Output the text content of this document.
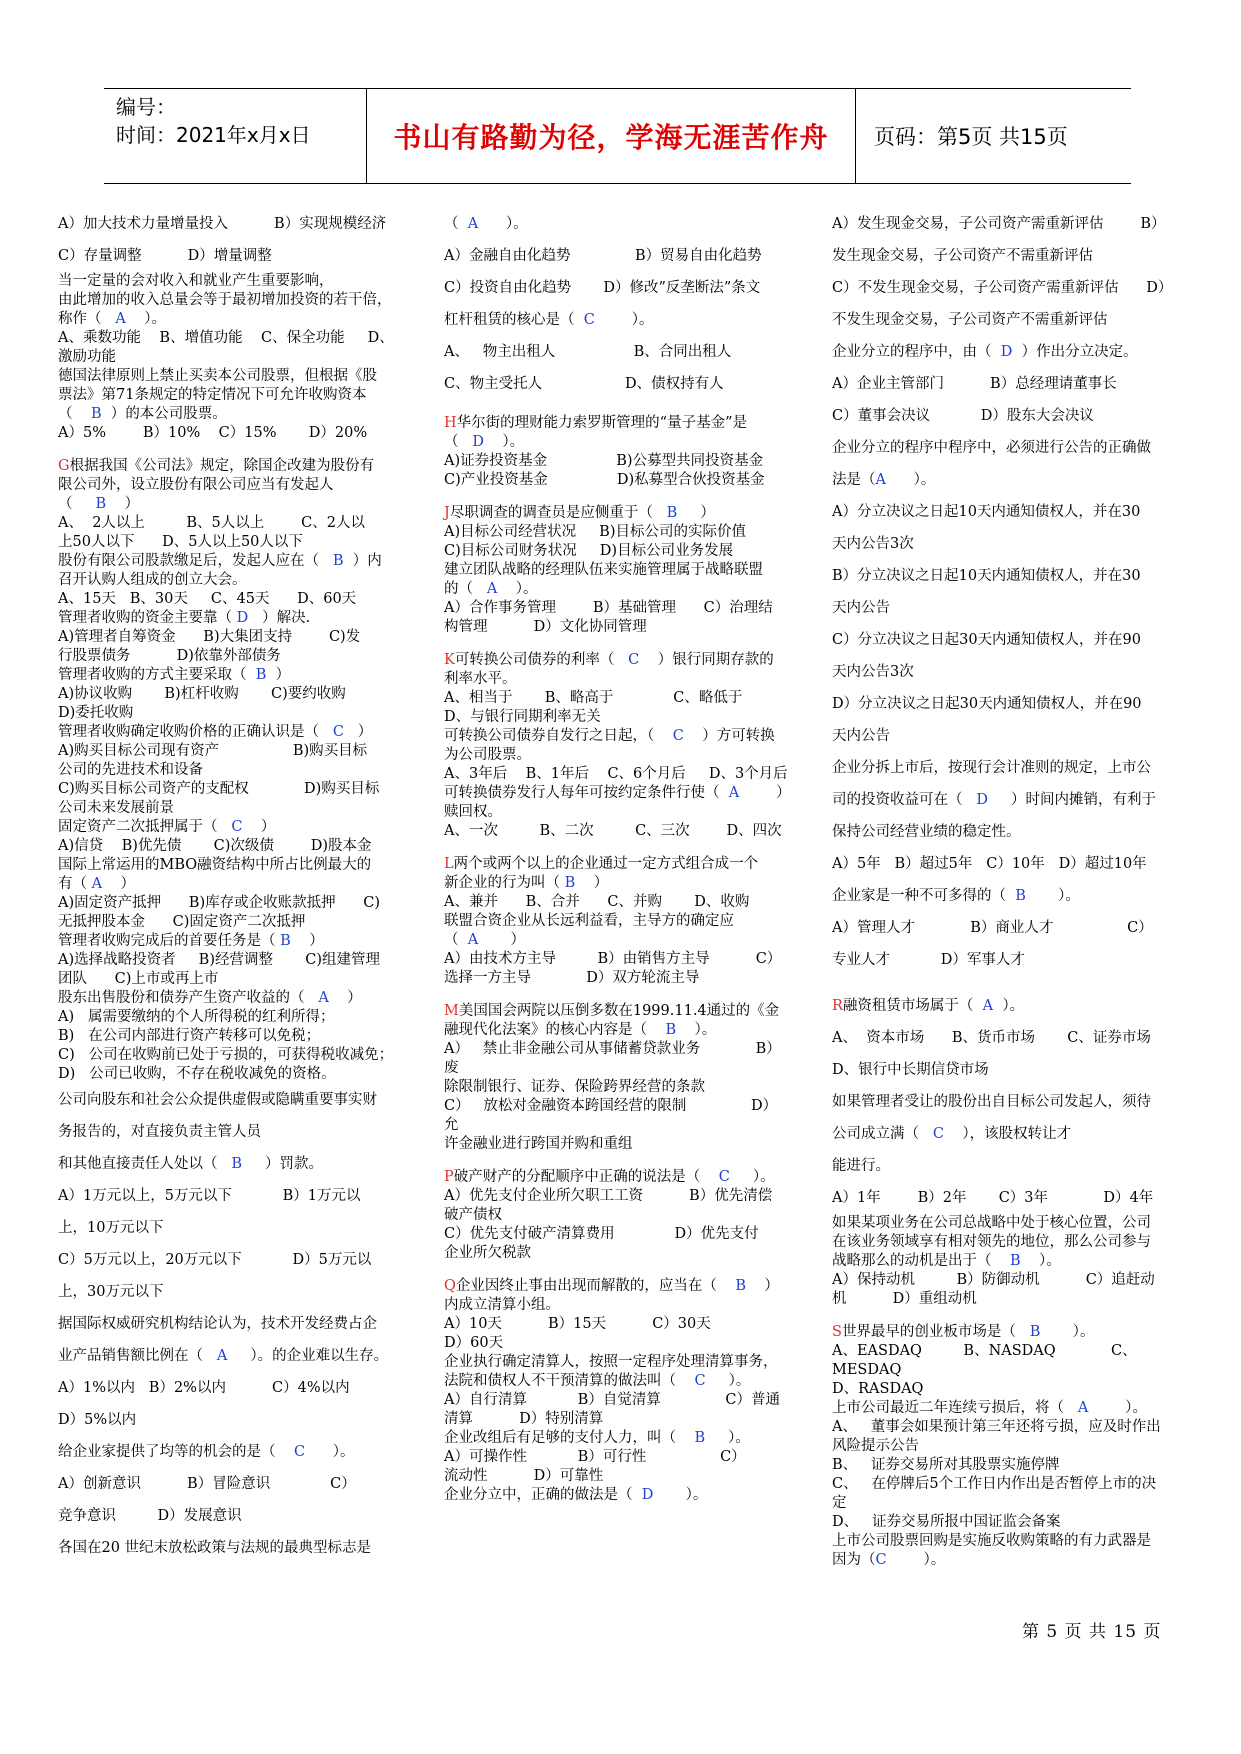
编号：
时间：2021年x月x日	书山有路勤为径，学海无涯苦作舟	页码：第5页 共15页
A）加大技术力量增量投入          B）实现规模经济
C）存量调整          D）增量调整
当一定量的会对收入和就业产生重要影响，
由此增加的收入总量会等于最初增加投资的若干倍，
称作（   A    ）。
A、乘数功能    B、增值功能    C、保全功能     D、
激励功能
德国法律原则上禁止买卖本公司股票，但根据《股
票法》第71条规定的特定情况下可允许收购资本
（    B  ）的本公司股票。
A）5%        B）10%    C）15%       D）20%
G根据我国《公司法》规定，除国企改建为股份有
限公司外，设立股份有限公司应当有发起人
（     B    ）
A、  2人以上         B、5人以上        C、2人以
上50人以下      D、5人以上50人以下
股份有限公司股款缴足后，发起人应在（   B  ）内
召开认购人组成的创立大会。
A、15天   B、30天     C、45天      D、60天
管理者收购的资金主要靠（ D   ）解决.
A)管理者自筹资金      B)大集团支持        C)发
行股票债务          D)依靠外部债务
管理者收购的方式主要采取（  B  ）
A)协议收购       B)杠杆收购       C)要约收购
D)委托收购
管理者收购确定收购价格的正确认识是（   C   ）
A)购买目标公司现有资产                B)购买目标
公司的先进技术和设备
C)购买目标公司资产的支配权            D)购买目标
公司未来发展前景
固定资产二次抵押属于（   C    ）
A)信贷    B)优先债       C)次级债        D)股本金
国际上常运用的MBO融资结构中所占比例最大的
有（ A    ）
A)固定资产抵押      B)库存或企收账款抵押      C)
无抵押股本金      C)固定资产二次抵押
管理者收购完成后的首要任务是（ B    ）
A)选择战略投资者     B)经营调整       C)组建管理
团队      C)上市或再上市
股东出售股份和债券产生资产收益的（   A    ）
A)   属需要缴纳的个人所得税的红利所得；
B)   在公司内部进行资产转移可以免税；
C)   公司在收购前已处于亏损的，可获得税收减免；
D)   公司已收购，不存在税收减免的资格。
公司向股东和社会公众提供虚假或隐瞒重要事实财
务报告的，对直接负责主管人员
和其他直接责任人处以（   B     ）罚款。
A）1万元以上，5万元以下           B）1万元以
上，10万元以下
C）5万元以上，20万元以下           D）5万元以
上，30万元以下
据国际权威研究机构结论认为，技术开发经费占企
业产品销售额比例在（   A     ）。的企业难以生存。
A）1%以内   B）2%以内          C）4%以内
D）5%以内
给企业家提供了均等的机会的是（    C      ）。
A）创新意识          B）冒险意识             C）
竞争意识         D）发展意识
各国在20 世纪末放松政策与法规的最典型标志是
（  A      ）。
A）金融自由化趋势              B）贸易自由化趋势
C）投资自由化趋势       D）修改”反垄断法”条文
杠杆租赁的核心是（  C        ）。
A、   物主出租人                 B、合同出租人
C、物主受托人                  D、债权持有人
H华尔街的理财能力索罗斯管理的“量子基金”是
（   D    ）。
A)证券投资基金               B)公募型共同投资基金
C)产业投资基金               D)私募型合伙投资基金
J尽职调查的调查员是应侧重于（   B     ）
A)目标公司经营状况     B)目标公司的实际价值
C)目标公司财务状况     D)目标公司业务发展
建立团队战略的经理队伍来实施管理属于战略联盟
的（   A    ）。
A）合作事务管理        B）基础管理      C）治理结
构管理          D）文化协同管理
K可转换公司债券的利率（   C    ）银行同期存款的
利率水平。
A、相当于       B、略高于             C、略低于
D、与银行同期利率无关
可转换公司债券自发行之日起，（    C    ）方可转换
为公司股票。
A、3年后    B、1年后    C、6个月后     D、3个月后
可转换债券发行人每年可按约定条件行使（  A        ）
赎回权。
A、一次         B、二次         C、三次        D、四次
L两个或两个以上的企业通过一定方式组合成一个
新企业的行为叫（ B    ）
A、兼并      B、合并      C、并购       D、收购
联盟合资企业从长远利益看，主导方的确定应
（  A       ）
A）由技术方主导         B）由销售方主导          C）
选择一方主导            D）双方轮流主导
M美国国会两院以压倒多数在1999.11.4通过的《金
融现代化法案》的核心内容是（    B    ）。
A）   禁止非金融公司从事储蓄贷款业务            B）  废
除限制银行、证券、保险跨界经营的条款
C）   放松对金融资本跨国经营的限制              D）  允
许金融业进行跨国并购和重组
P破产财产的分配顺序中正确的说法是（    C     ）。
A）优先支付企业所欠职工工资          B）优先清偿
破产债权
C）优先支付破产清算费用             D）优先支付
企业所欠税款
Q企业因终止事由出现而解散的，应当在（    B    ）
内成立清算小组。
A）10天          B）15天          C）30天
D）60天
企业执行确定清算人，按照一定程序处理清算事务，
法院和债权人不干预清算的做法叫（    C     ）。
A）自行清算           B）自觉清算              C）普通
清算          D）特别清算
企业改组后有足够的支付人力，叫（    B     ）。
A）可操作性           B）可行性                C）
流动性          D）可靠性
企业分立中，正确的做法是（  D       ）。
A）发生现金交易，子公司资产需重新评估        B）
发生现金交易，子公司资产不需重新评估
C）不发生现金交易，子公司资产需重新评估      D）
不发生现金交易，子公司资产不需重新评估
企业分立的程序中，由（  D  ）作出分立决定。
A）企业主管部门          B）总经理请董事长
C）董事会决议           D）股东大会决议
企业分立的程序中程序中，必须进行公告的正确做
法是（A      ）。
A）分立决议之日起10天内通知债权人，并在30
天内公告3次
B）分立决议之日起10天内通知债权人，并在30
天内公告
C）分立决议之日起30天内通知债权人，并在90
天内公告3次
D）分立决议之日起30天内通知债权人，并在90
天内公告
企业分拆上市后，按现行会计准则的规定，上市公
司的投资收益可在（   D     ）时间内摊销，有利于
保持公司经营业绩的稳定性。
A）5年   B）超过5年   C）10年   D）超过10年
企业家是一种不可多得的（  B       ）。
A）管理人才            B）商业人才                C）
专业人才           D）军事人才
R融资租赁市场属于（  A  ）。
A、  资本市场      B、货币市场       C、证券市场
D、银行中长期信贷市场
如果管理者受让的股份出自目标公司发起人，须待
公司成立满（   C    ），该股权转让才
能进行。
A）1年        B）2年       C）3年            D）4年
如果某项业务在公司总战略中处于核心位置，公司
在该业务领域享有相对领先的地位，那么公司参与
战略那么的动机是出于（    B    ）。
A）保持动机         B）防御动机          C）追赶动
机          D）重组动机
S世界最早的创业板市场是（   B       ）。
A、EASDAQ         B、NASDAQ            C、MESDAQ
D、RASDAQ
上市公司最近二年连续亏损后，将（   A        ）。
A、   董事会如果预计第三年还将亏损，应及时作出
风险提示公告
B、   证券交易所对其股票实施停牌
C、   在停牌后5个工作日内作出是否暂停上市的决
定
D、   证券交易所报中国证监会备案
上市公司股票回购是实施反收购策略的有力武器是
因为（C        ）。
第 5 页 共 15 页
